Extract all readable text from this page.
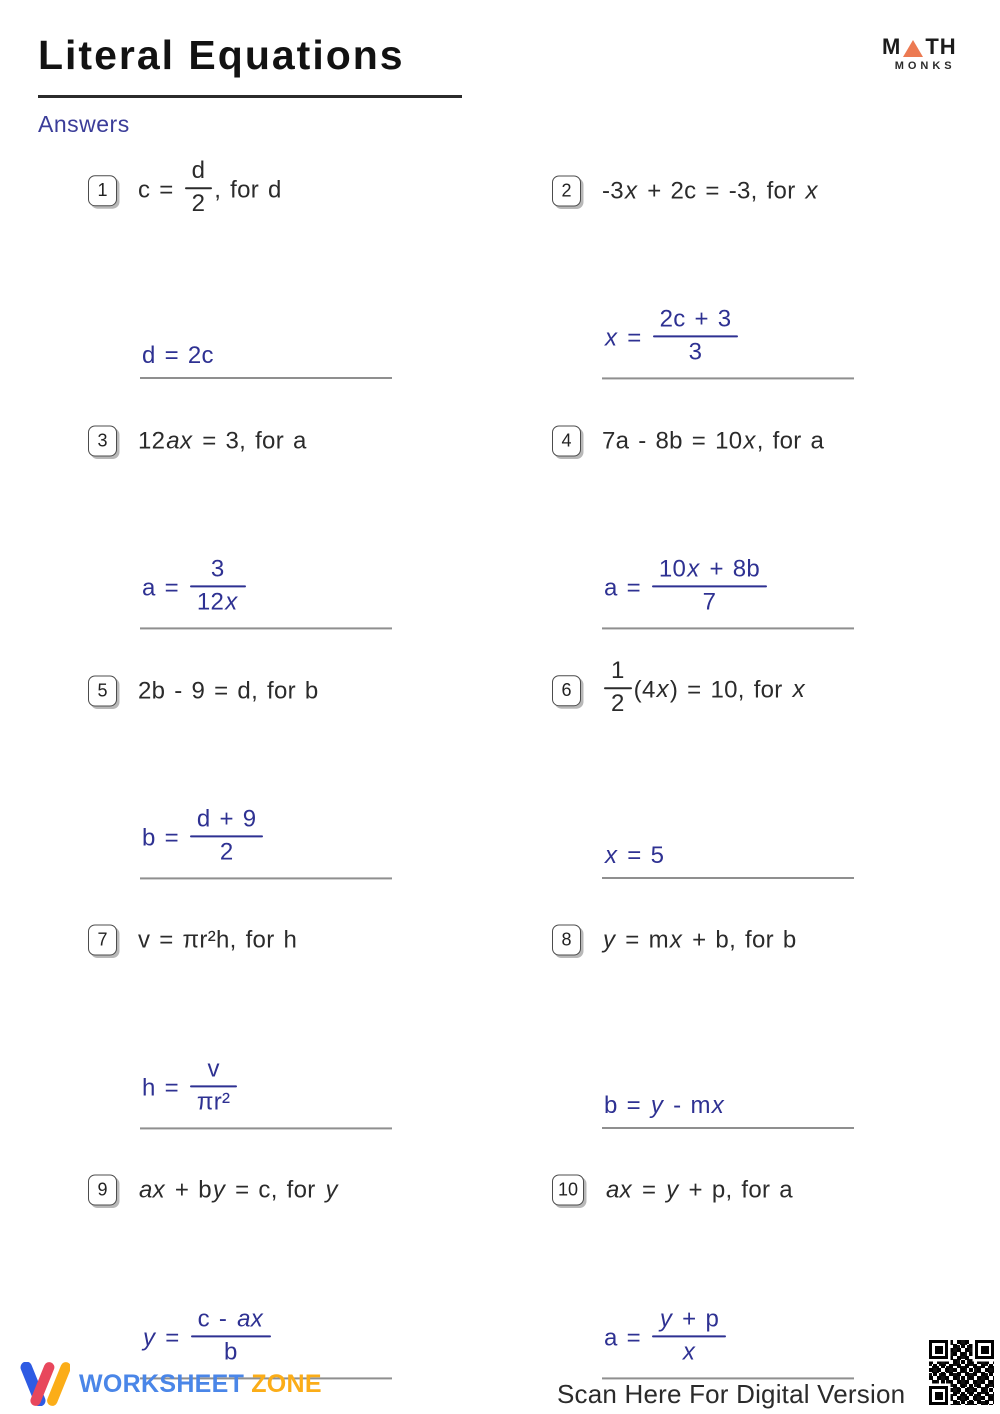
Literal Equations
Answers
M TH
MONKS
1	$c = \frac{d}{2}$ , for d	2	-3x + 2c = -3, for x
3	12ax = 3, for a	4	7a - 8b = 10x, for a
5	2b - 9 = d, for b	6	$\frac{1}{2} (4x) = 10$, for x
7	v = πr²h, for h	8	y = mx + b, for b
9	ax + by = c, for y	10 ax = y + p, for a
d = 2c
$x = \frac{2c + 3}{3}$
$a = \frac{3}{12x}$	$a = \frac{10x + 8b}{7}$
$b = \frac{d + 9}{2}$	x = 5
$h = \frac{v}{\text{πr²}}$	b = y - mx
$y = \frac{c - ax}{b}$	$a = \frac{y + p}{x}$
WORKSHEET ZONE	Scan Here For Digital Version
